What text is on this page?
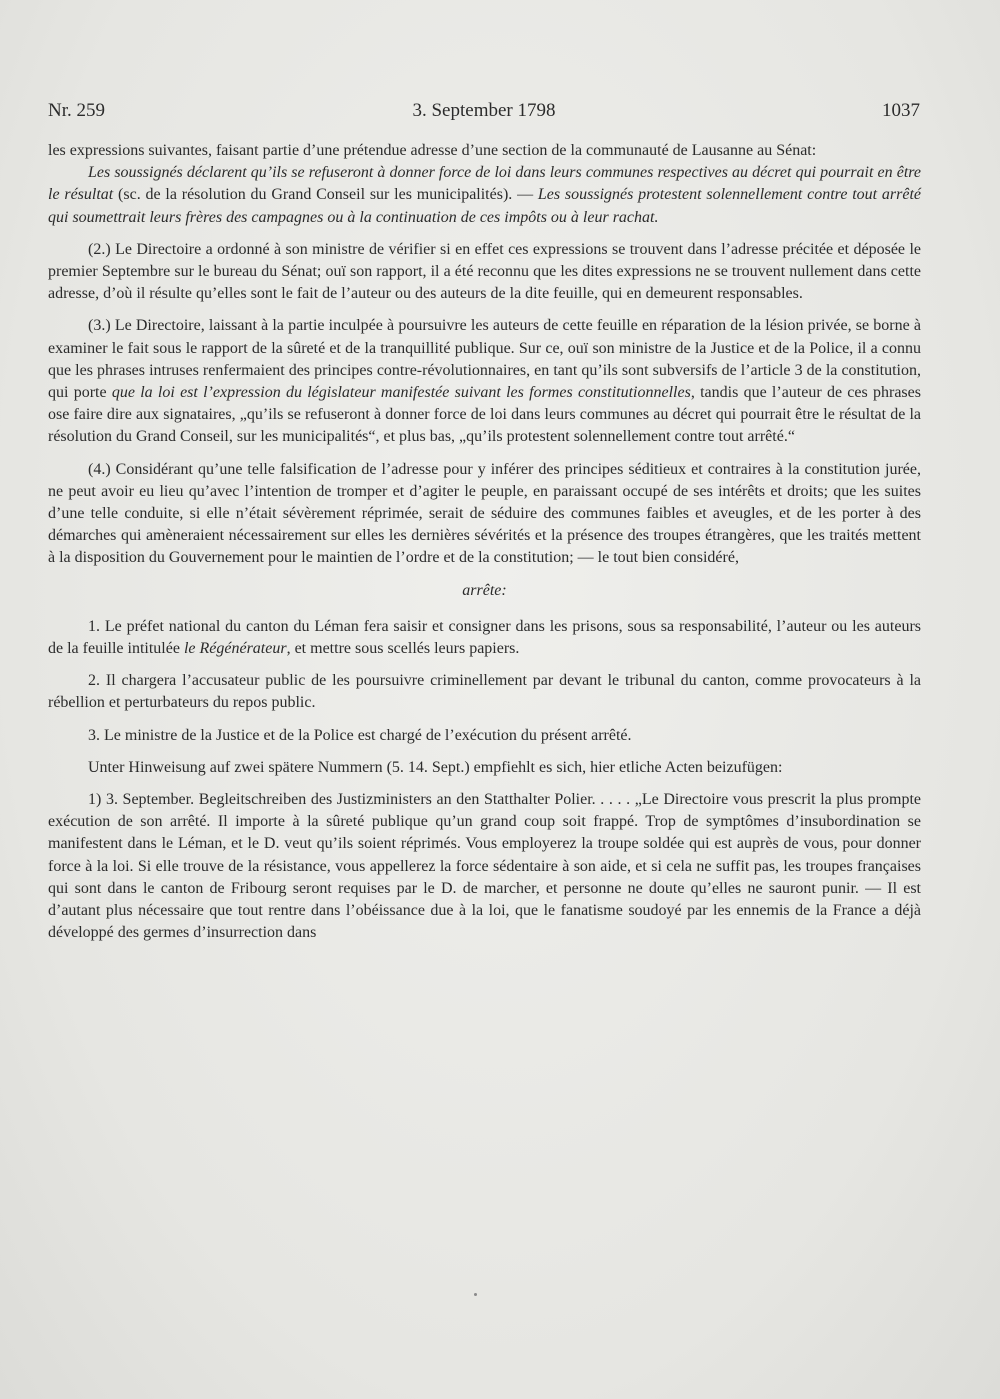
Nr. 259	3. September 1798	1037

les expressions suivantes, faisant partie d’une prétendue adresse d’une section de la communauté de Lausanne au Sénat:

Les soussignés déclarent qu’ils se refuseront à donner force de loi dans leurs communes respectives au décret qui pourrait en être le résultat (sc. de la résolution du Grand Conseil sur les municipalités). — Les soussignés protestent solennellement contre tout arrêté qui soumettrait leurs frères des campagnes ou à la continuation de ces impôts ou à leur rachat.

(2.) Le Directoire a ordonné à son ministre de vérifier si en effet ces expressions se trouvent dans l’adresse précitée et déposée le premier Septembre sur le bureau du Sénat; ouï son rapport, il a été reconnu que les dites expressions ne se trouvent nullement dans cette adresse, d’où il résulte qu’elles sont le fait de l’auteur ou des auteurs de la dite feuille, qui en demeurent responsables.

(3.) Le Directoire, laissant à la partie inculpée à poursuivre les auteurs de cette feuille en réparation de la lésion privée, se borne à examiner le fait sous le rapport de la sûreté et de la tranquillité publique. Sur ce, ouï son ministre de la Justice et de la Police, il a connu que les phrases intruses renfermaient des principes contre-révolutionnaires, en tant qu’ils sont subversifs de l’article 3 de la constitution, qui porte que la loi est l’expression du législateur manifestée suivant les formes constitutionnelles, tandis que l’auteur de ces phrases ose faire dire aux signataires, „qu’ils se refuseront à donner force de loi dans leurs communes au décret qui pourrait être le résultat de la résolution du Grand Conseil, sur les municipalités“, et plus bas, „qu’ils protestent solennellement contre tout arrêté.“

(4.) Considérant qu’une telle falsification de l’adresse pour y inférer des principes séditieux et contraires à la constitution jurée, ne peut avoir eu lieu qu’avec l’intention de tromper et d’agiter le peuple, en paraissant occupé de ses intérêts et droits; que les suites d’une telle conduite, si elle n’était sévèrement réprimée, serait de séduire des communes faibles et aveugles, et de les porter à des démarches qui amèneraient nécessairement sur elles les dernières sévérités et la présence des troupes étrangères, que les traités mettent à la disposition du Gouvernement pour le maintien de l’ordre et de la constitution; — le tout bien considéré,

arrête:

1. Le préfet national du canton du Léman fera saisir et consigner dans les prisons, sous sa responsabilité, l’auteur ou les auteurs de la feuille intitulée le Régénérateur, et mettre sous scellés leurs papiers.

2. Il chargera l’accusateur public de les poursuivre criminellement par devant le tribunal du canton, comme provocateurs à la rébellion et perturbateurs du repos public.

3. Le ministre de la Justice et de la Police est chargé de l’exécution du présent arrêté.

Unter Hinweisung auf zwei spätere Nummern (5. 14. Sept.) empfiehlt es sich, hier etliche Acten beizufügen:

1) 3. September. Begleitschreiben des Justizministers an den Statthalter Polier. . . . . „Le Directoire vous prescrit la plus prompte exécution de son arrêté. Il importe à la sûreté publique qu’un grand coup soit frappé. Trop de symptômes d’insubordination se manifestent dans le Léman, et le D. veut qu’ils soient réprimés. Vous employerez la troupe soldée qui est auprès de vous, pour donner force à la loi. Si elle trouve de la résistance, vous appellerez la force sédentaire à son aide, et si cela ne suffit pas, les troupes françaises qui sont dans le canton de Fribourg seront requises par le D. de marcher, et personne ne doute qu’elles ne sauront punir. — Il est d’autant plus nécessaire que tout rentre dans l’obéissance due à la loi, que le fanatisme soudoyé par les ennemis de la France a déjà développé des germes d’insurrection dans
